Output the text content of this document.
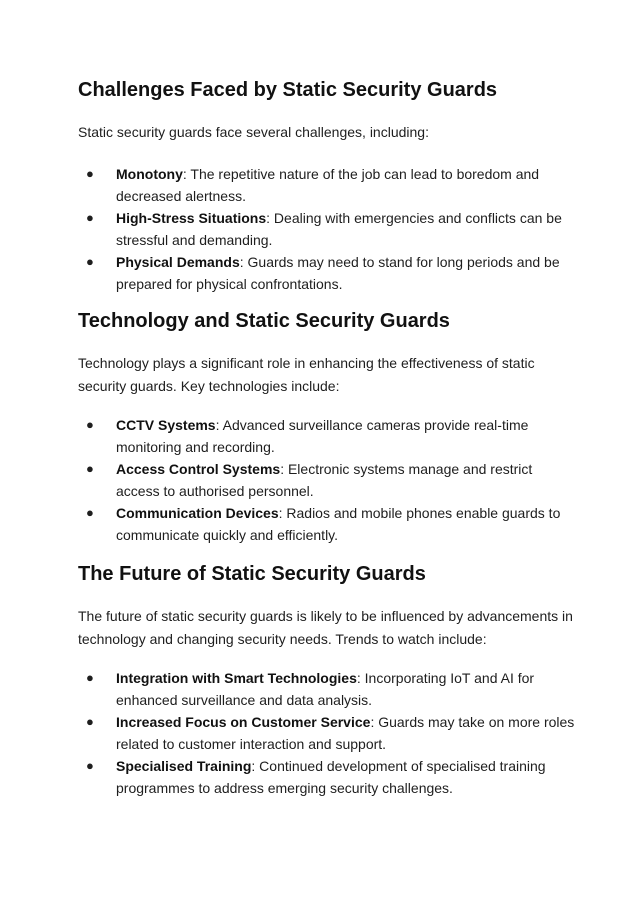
Challenges Faced by Static Security Guards

Static security guards face several challenges, including:

● Monotony: The repetitive nature of the job can lead to boredom and decreased alertness.
● High-Stress Situations: Dealing with emergencies and conflicts can be stressful and demanding.
● Physical Demands: Guards may need to stand for long periods and be prepared for physical confrontations.
Technology and Static Security Guards

Technology plays a significant role in enhancing the effectiveness of static security guards. Key technologies include:

● CCTV Systems: Advanced surveillance cameras provide real-time monitoring and recording.
● Access Control Systems: Electronic systems manage and restrict access to authorised personnel.
● Communication Devices: Radios and mobile phones enable guards to communicate quickly and efficiently.
The Future of Static Security Guards

The future of static security guards is likely to be influenced by advancements in technology and changing security needs. Trends to watch include:

● Integration with Smart Technologies: Incorporating IoT and AI for enhanced surveillance and data analysis.
● Increased Focus on Customer Service: Guards may take on more roles related to customer interaction and support.
● Specialised Training: Continued development of specialised training programmes to address emerging security challenges.
